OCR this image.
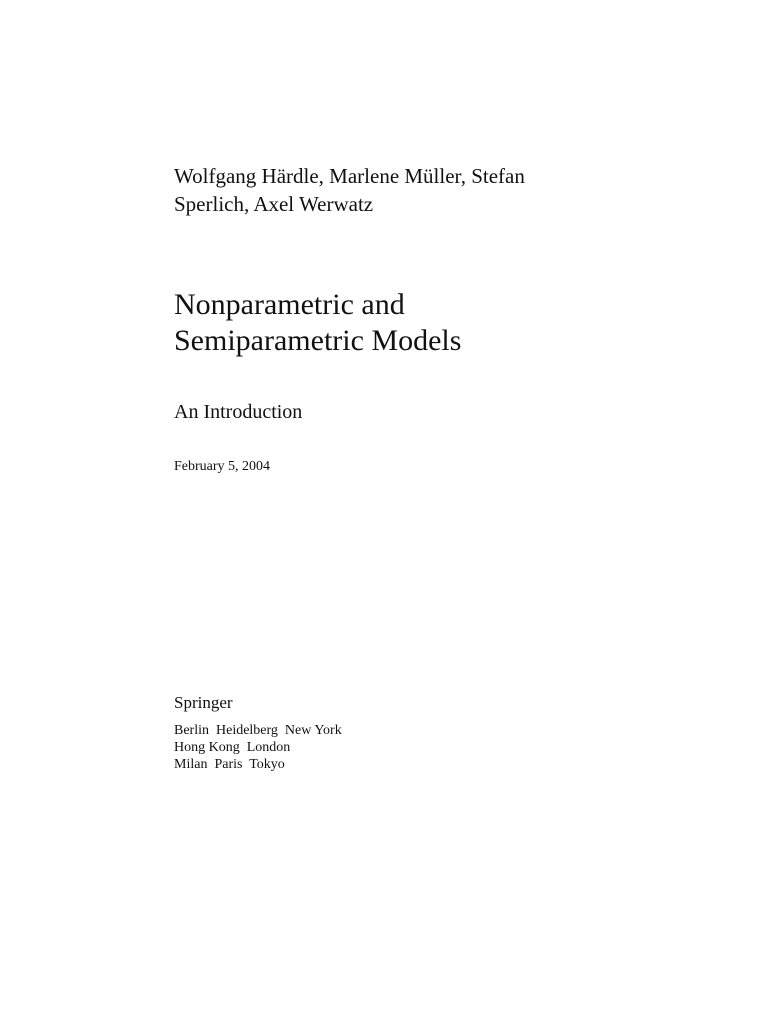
Wolfgang Härdle, Marlene Müller, Stefan
Sperlich, Axel Werwatz
Nonparametric and
Semiparametric Models
An Introduction
February 5, 2004
Springer
Berlin  Heidelberg  New York
Hong Kong  London
Milan  Paris  Tokyo
